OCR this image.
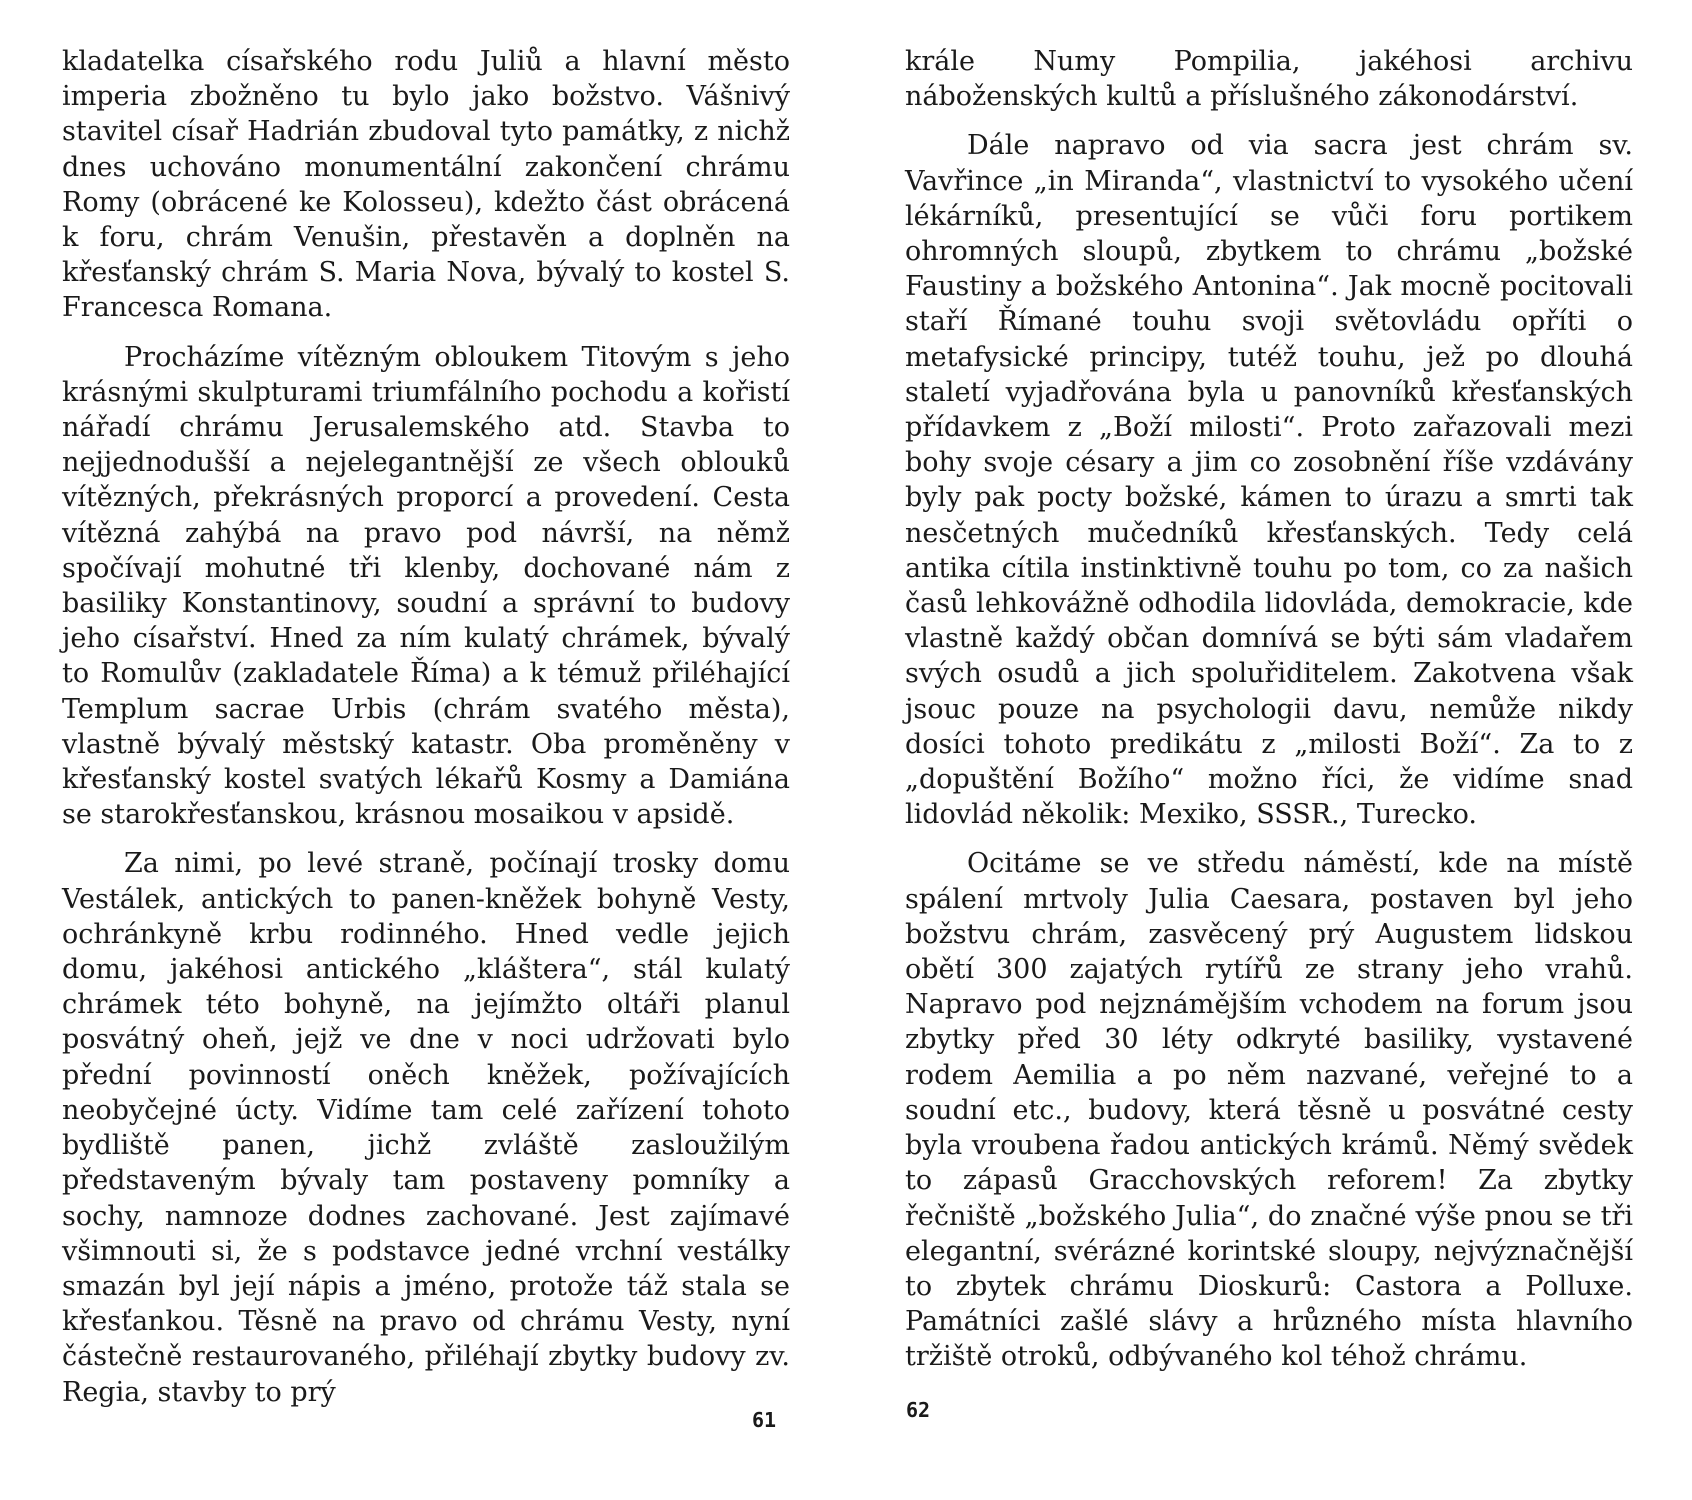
kladatelka císařského rodu Juliů a hlavní město imperia zbožněno tu bylo jako božstvo. Vášnivý stavitel císař Hadrián zbudoval tyto památky, z nichž dnes uchováno monumentální zakončení chrámu Romy (obrácené ke Kolosseu), kdežto část obrácená k foru, chrám Venušin, přestavěn a doplněn na křesťanský chrám S. Maria Nova, bývalý to kostel S. Francesca Romana.

Procházíme vítězným obloukem Titovým s jeho krásnými skulpturami triumfálního pochodu a kořistí nářadí chrámu Jerusalemského atd. Stavba to nejjednodušší a nejelegantnější ze všech oblouků vítězných, překrásných proporcí a provedení. Cesta vítězná zahýbá na pravo pod návrší, na němž spočívají mohutné tři klenby, dochované nám z basiliky Konstantinovy, soudní a správní to budovy jeho císařství. Hned za ním kulatý chrámek, bývalý to Romulův (zakladatele Říma) a k témuž přiléhající Templum sacrae Urbis (chrám svatého města), vlastně bývalý městský katastr. Oba proměněny v křesťanský kostel svatých lékařů Kosmy a Damiána se starokřesťanskou, krásnou mosaikou v apsidě.

Za nimi, po levé straně, počínají trosky domu Vestálek, antických to panen-kněžek bohyně Vesty, ochránkyně krbu rodinného. Hned vedle jejich domu, jakéhosi antického „kláštera“, stál kulatý chrámek této bohyně, na jejímžto oltáři planul posvátný oheň, jejž ve dne v noci udržovati bylo přední povinností oněch kněžek, požívajících neobyčejné úcty. Vidíme tam celé zařízení tohoto bydliště panen, jichž zvláště zasloužilým představeným bývaly tam postaveny pomníky a sochy, namnoze dodnes zachované. Jest zajímavé všimnouti si, že s podstavce jedné vrchní vestálky smazán byl její nápis a jméno, protože táž stala se křesťankou. Těsně na pravo od chrámu Vesty, nyní částečně restaurovaného, přiléhají zbytky budovy zv. Regia, stavby to prý

61

krále Numy Pompilia, jakéhosi archivu náboženských kultů a příslušného zákonodárství.

Dále napravo od via sacra jest chrám sv. Vavřince „in Miranda“, vlastnictví to vysokého učení lékárníků, presentující se vůči foru portikem ohromných sloupů, zbytkem to chrámu „božské Faustiny a božského Antonina“. Jak mocně pocitovali staří Římané touhu svoji světovládu opříti o metafysické principy, tutéž touhu, jež po dlouhá staletí vyjadřována byla u panovníků křesťanských přídavkem z „Boží milosti“. Proto zařazovali mezi bohy svoje césary a jim co zosobnění říše vzdávány byly pak pocty božské, kámen to úrazu a smrti tak nesčetných mučedníků křesťanských. Tedy celá antika cítila instinktivně touhu po tom, co za našich časů lehkovážně odhodila lidovláda, demokracie, kde vlastně každý občan domnívá se býti sám vladařem svých osudů a jich spoluřiditelem. Zakotvena však jsouc pouze na psychologii davu, nemůže nikdy dosíci tohoto predikátu z „milosti Boží“. Za to z „dopuštění Božího“ možno říci, že vidíme snad lidovlád několik: Mexiko, SSSR., Turecko.

Ocitáme se ve středu náměstí, kde na místě spálení mrtvoly Julia Caesara, postaven byl jeho božstvu chrám, zasvěcený prý Augustem lidskou obětí 300 zajatých rytířů ze strany jeho vrahů. Napravo pod nejznámějším vchodem na forum jsou zbytky před 30 léty odkryté basiliky, vystavené rodem Aemilia a po něm nazvané, veřejné to a soudní etc., budovy, která těsně u posvátné cesty byla vroubena řadou antických krámů. Němý svědek to zápasů Gracchovských reforem! Za zbytky řečniště „božského Julia“, do značné výše pnou se tři elegantní, svérázné korintské sloupy, nejvýznačnější to zbytek chrámu Dioskurů: Castora a Polluxe. Památníci zašlé slávy a hrůzného místa hlavního tržiště otroků, odbývaného kol téhož chrámu.

62
